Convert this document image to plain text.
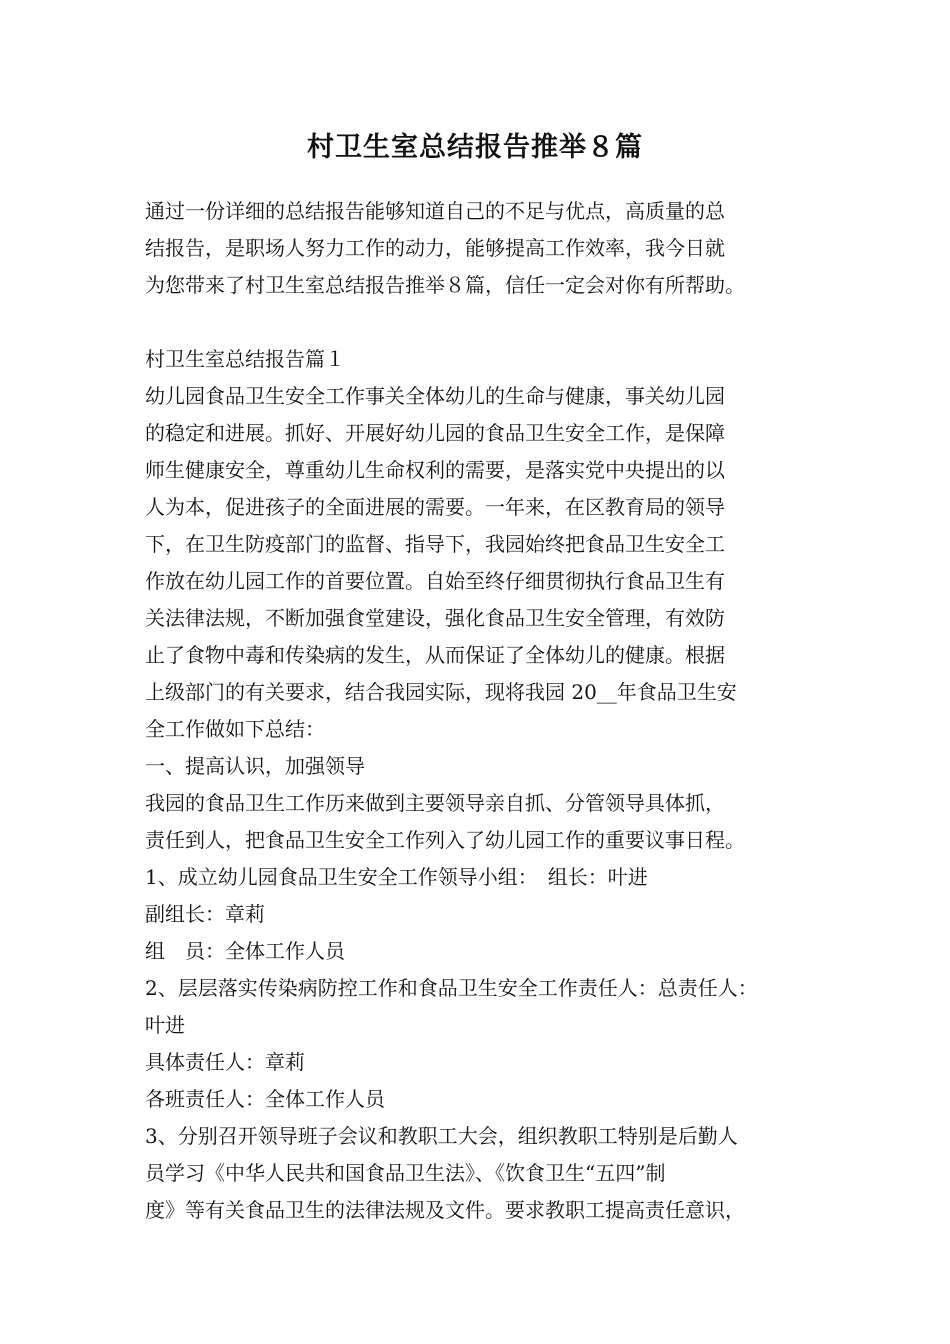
村卫生室总结报告推举８篇
通过一份详细的总结报告能够知道自己的不足与优点，高质量的总
结报告，是职场人努力工作的动力，能够提高工作效率，我今日就
为您带来了村卫生室总结报告推举８篇，信任一定会对你有所帮助。
村卫生室总结报告篇１
幼儿园食品卫生安全工作事关全体幼儿的生命与健康，事关幼儿园
的稳定和进展。抓好、开展好幼儿园的食品卫生安全工作，是保障
师生健康安全，尊重幼儿生命权利的需要，是落实党中央提出的以
人为本，促进孩子的全面进展的需要。一年来，在区教育局的领导
下，在卫生防疫部门的监督、指导下，我园始终把食品卫生安全工
作放在幼儿园工作的首要位置。自始至终仔细贯彻执行食品卫生有
关法律法规，不断加强食堂建设，强化食品卫生安全管理，有效防
止了食物中毒和传染病的发生，从而保证了全体幼儿的健康。根据
上级部门的有关要求，结合我园实际，现将我园 20__年食品卫生安
全工作做如下总结：
一、提高认识，加强领导
我园的食品卫生工作历来做到主要领导亲自抓、分管领导具体抓，
责任到人，把食品卫生安全工作列入了幼儿园工作的重要议事日程。
1、成立幼儿园食品卫生安全工作领导小组：　组长：叶进
副组长：章莉
组　员：全体工作人员
2、层层落实传染病防控工作和食品卫生安全工作责任人：总责任人：
叶进
具体责任人：章莉
各班责任人：全体工作人员
3、分别召开领导班子会议和教职工大会，组织教职工特别是后勤人
员学习《中华人民共和国食品卫生法》、《饮食卫生“五四”制
度》等有关食品卫生的法律法规及文件。要求教职工提高责任意识，
